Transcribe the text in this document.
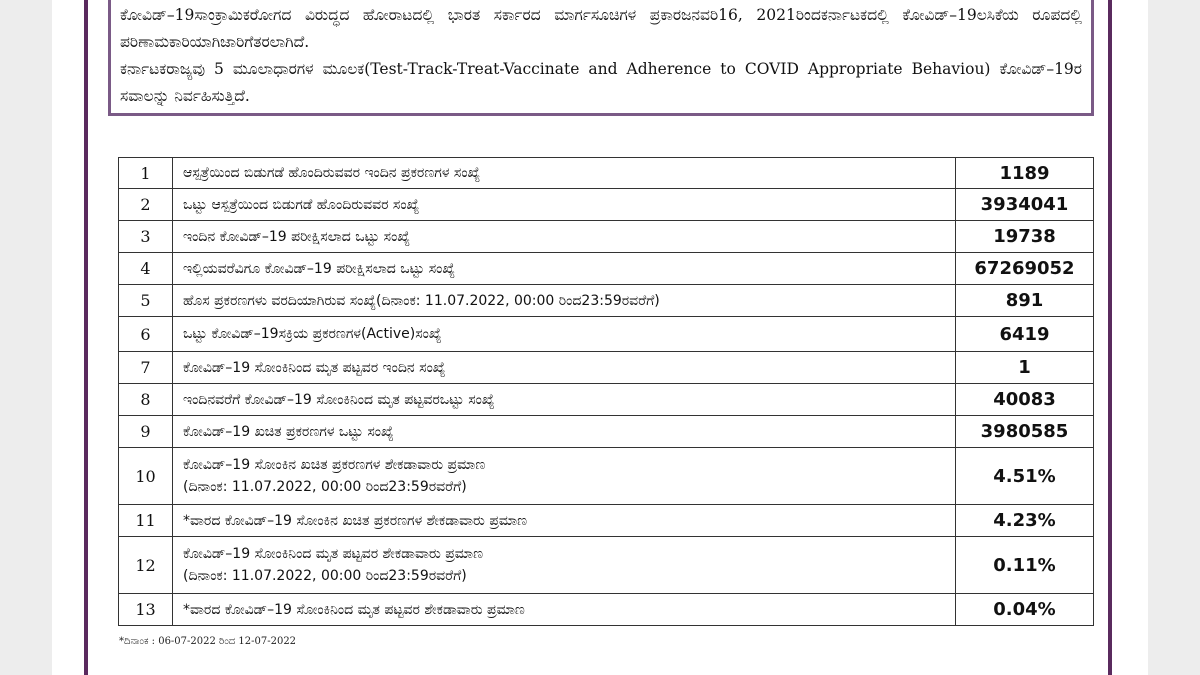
ಕೋವಿಡ್–19ಸಾಂಕ್ರಾಮಿಕರೋಗದ ವಿರುದ್ಧದ ಹೋರಾಟದಲ್ಲಿ ಭಾರತ ಸರ್ಕಾರದ ಮಾರ್ಗಸೂಚಿಗಳ ಪ್ರಕಾರಜನವರಿ16, 2021ರಿಂದಕರ್ನಾಟಕದಲ್ಲಿ ಕೋವಿಡ್–19ಲಸಿಕೆಯ ರೂಪದಲ್ಲಿ ಪರಿಣಾಮಕಾರಿಯಾಗಿಜಾರಿಗೆತರಲಾಗಿದೆ.

ಕರ್ನಾಟಕರಾಜ್ಯವು 5 ಮೂಲಾಧಾರಗಳ ಮೂಲಕ(Test-Track-Treat-Vaccinate and Adherence to COVID Appropriate Behaviou) ಕೋವಿಡ್–19ರ ಸವಾಲನ್ನು ನಿರ್ವಹಿಸುತ್ತಿದೆ.

1	ಆಸ್ಪತ್ರೆಯಿಂದ ಬಿಡುಗಡೆ ಹೊಂದಿರುವವರ ಇಂದಿನ ಪ್ರಕರಣಗಳ ಸಂಖ್ಯೆ	1189
2	ಒಟ್ಟು ಆಸ್ಪತ್ರೆಯಿಂದ ಬಿಡುಗಡೆ ಹೊಂದಿರುವವರ ಸಂಖ್ಯೆ	3934041
3	ಇಂದಿನ ಕೋವಿಡ್–19 ಪರೀಕ್ಷಿಸಲಾದ ಒಟ್ಟು ಸಂಖ್ಯೆ	19738
4	ಇಲ್ಲಿಯವರೆವಿಗೂ ಕೋವಿಡ್–19 ಪರೀಕ್ಷಿಸಲಾದ ಒಟ್ಟು ಸಂಖ್ಯೆ	67269052
5	ಹೊಸ ಪ್ರಕರಣಗಳು ವರದಿಯಾಗಿರುವ ಸಂಖ್ಯೆ(ದಿನಾಂಕ: 11.07.2022, 00:00 ರಿಂದ23:59ರವರೆಗೆ)	891
6	ಒಟ್ಟು ಕೋವಿಡ್–19ಸಕ್ರಿಯ ಪ್ರಕರಣಗಳ(Active)ಸಂಖ್ಯೆ	6419
7	ಕೋವಿಡ್–19 ಸೋಂಕಿನಿಂದ ಮೃತ ಪಟ್ಟವರ ಇಂದಿನ ಸಂಖ್ಯೆ	1
8	ಇಂದಿನವರೆಗೆ ಕೋವಿಡ್–19 ಸೋಂಕಿನಿಂದ ಮೃತ ಪಟ್ಟವರಒಟ್ಟು ಸಂಖ್ಯೆ	40083
9	ಕೋವಿಡ್–19 ಖಚಿತ ಪ್ರಕರಣಗಳ ಒಟ್ಟು ಸಂಖ್ಯೆ	3980585
10	ಕೋವಿಡ್–19 ಸೋಂಕಿನ ಖಚಿತ ಪ್ರಕರಣಗಳ ಶೇಕಡಾವಾರು ಪ್ರಮಾಣ
(ದಿನಾಂಕ: 11.07.2022, 00:00 ರಿಂದ23:59ರವರೆಗೆ)	4.51%
11	*ವಾರದ ಕೋವಿಡ್–19 ಸೋಂಕಿನ ಖಚಿತ ಪ್ರಕರಣಗಳ ಶೇಕಡಾವಾರು ಪ್ರಮಾಣ	4.23%
12	ಕೋವಿಡ್–19 ಸೋಂಕಿನಿಂದ ಮೃತ ಪಟ್ಟವರ ಶೇಕಡಾವಾರು ಪ್ರಮಾಣ
(ದಿನಾಂಕ: 11.07.2022, 00:00 ರಿಂದ23:59ರವರೆಗೆ)	0.11%
13	*ವಾರದ ಕೋವಿಡ್–19 ಸೋಂಕಿನಿಂದ ಮೃತ ಪಟ್ಟವರ ಶೇಕಡಾವಾರು ಪ್ರಮಾಣ	0.04%
*ದಿನಾಂಕ : 06-07-2022 ರಿಂದ 12-07-2022
